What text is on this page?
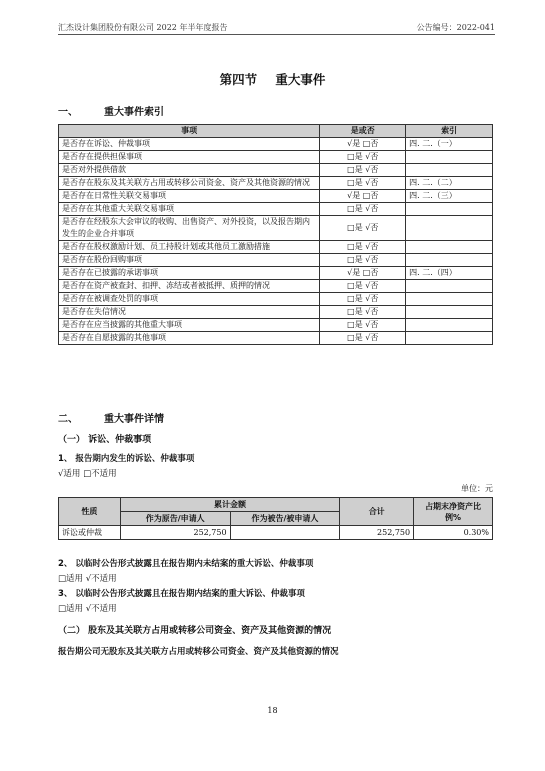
汇杰设计集团股份有限公司 2022 年半年度报告	公告编号：2022-041
第四节 重大事件
一、	重大事件索引
事项	是或否	索引
是否存在诉讼、仲裁事项	√是 □否	四. 二.（一）
是否存在提供担保事项	□是 √否	
是否对外提供借款	□是 √否	
是否存在股东及其关联方占用或转移公司资金、资产及其他资源的情况	□是 √否	四. 二.（二）
是否存在日常性关联交易事项	√是 □否	四. 二.（三）
是否存在其他重大关联交易事项	□是 √否	
是否存在经股东大会审议的收购、出售资产、对外投资，以及报告期内发生的企业合并事项	□是 √否	
是否存在股权激励计划、员工持股计划或其他员工激励措施	□是 √否	
是否存在股份回购事项	□是 √否	
是否存在已披露的承诺事项	√是 □否	四. 二.（四）
是否存在资产被查封、扣押、冻结或者被抵押、质押的情况	□是 √否	
是否存在被调查处罚的事项	□是 √否	
是否存在失信情况	□是 √否	
是否存在应当披露的其他重大事项	□是 √否	
是否存在自愿披露的其他事项	□是 √否	
二、	重大事件详情
（一） 诉讼、仲裁事项
1、 报告期内发生的诉讼、仲裁事项
√适用 □不适用
单位：元
性质	累计金额		合计	占期末净资产比例%
	作为原告/申请人	作为被告/被申请人		
诉讼或仲裁	252,750		252,750	0.30%
2、 以临时公告形式披露且在报告期内未结案的重大诉讼、仲裁事项
□适用 √不适用
3、 以临时公告形式披露且在报告期内结案的重大诉讼、仲裁事项
□适用 √不适用
（二） 股东及其关联方占用或转移公司资金、资产及其他资源的情况
报告期公司无股东及其关联方占用或转移公司资金、资产及其他资源的情况
18
